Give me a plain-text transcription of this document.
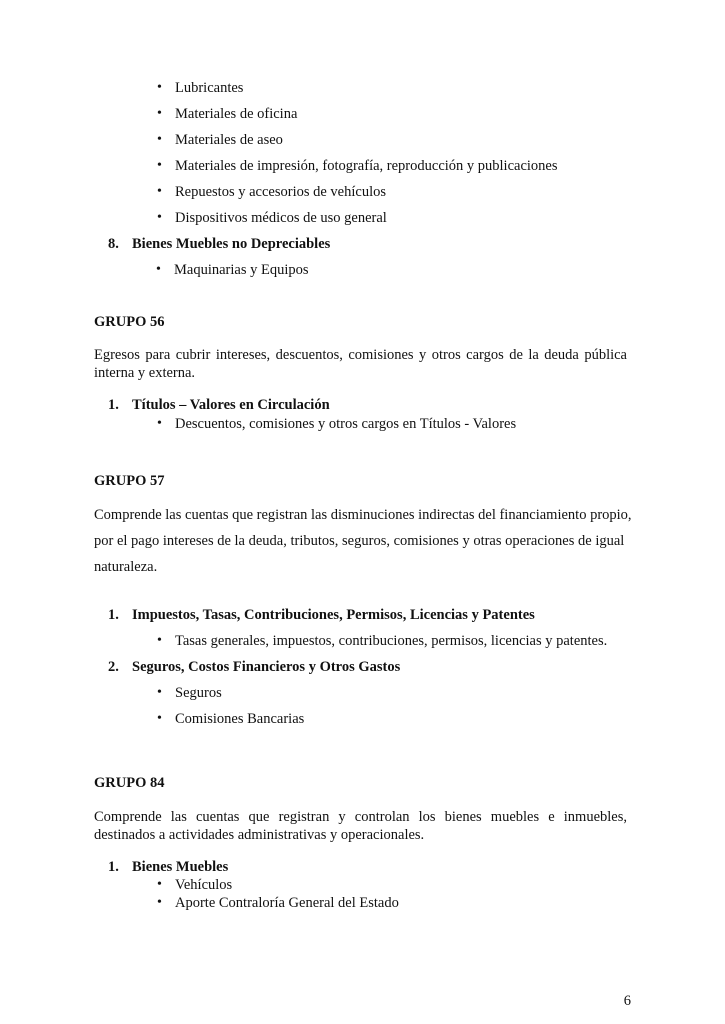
• Lubricantes
• Materiales de oficina
• Materiales de aseo
• Materiales de impresión, fotografía, reproducción y publicaciones
• Repuestos y accesorios de vehículos
• Dispositivos médicos de uso general
8. Bienes Muebles no Depreciables
• Maquinarias y Equipos
GRUPO 56
Egresos para cubrir intereses, descuentos, comisiones y otros cargos de la deuda pública interna y externa.
1. Títulos – Valores en Circulación
• Descuentos, comisiones y otros cargos en Títulos - Valores
GRUPO 57
Comprende las cuentas que registran las disminuciones indirectas del financiamiento propio,
por el pago intereses de la deuda, tributos, seguros, comisiones y otras operaciones de igual
naturaleza.
1. Impuestos, Tasas, Contribuciones, Permisos, Licencias y Patentes
• Tasas generales, impuestos, contribuciones, permisos, licencias y patentes.
2. Seguros, Costos Financieros y Otros Gastos
• Seguros
• Comisiones Bancarias
GRUPO 84
Comprende las cuentas que registran y controlan los bienes muebles e inmuebles, destinados a actividades administrativas y operacionales.
1. Bienes Muebles
• Vehículos
• Aporte Contraloría General del Estado
6
